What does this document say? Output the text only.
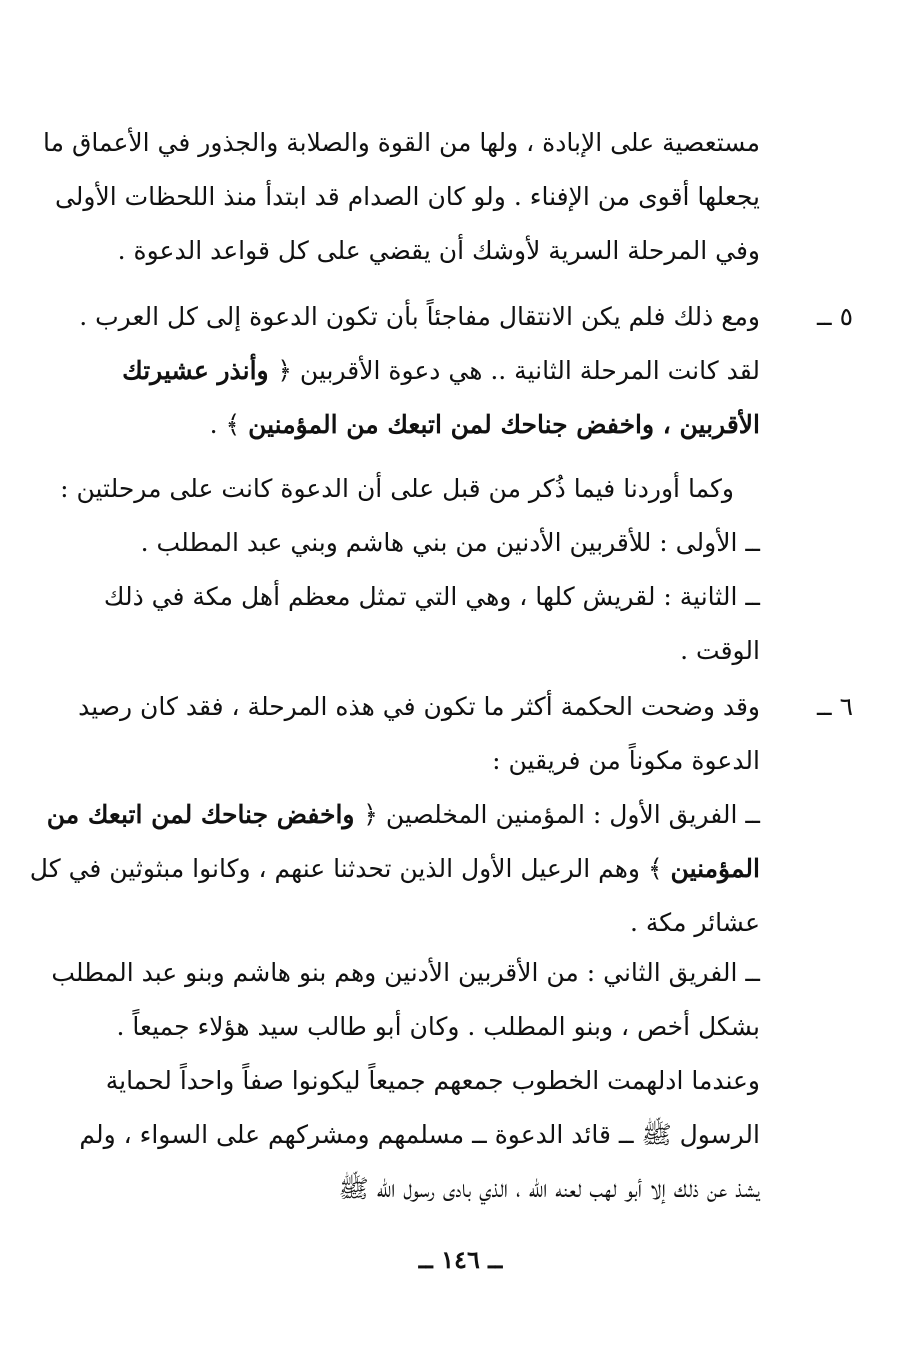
مستعصية على الإبادة ، ولها من القوة والصلابة والجذور في الأعماق ما
يجعلها أقوى من الإفناء . ولو كان الصدام قد ابتدأ منذ اللحظات الأولى
وفي المرحلة السرية لأوشك أن يقضي على كل قواعد الدعوة .
٥ ــ
ومع ذلك فلم يكن الانتقال مفاجئاً بأن تكون الدعوة إلى كل العرب .
لقد كانت المرحلة الثانية .. هي دعوة الأقربين ﴿ وأنذر عشيرتك
الأقربين ، واخفض جناحك لمن اتبعك من المؤمنين ﴾ .
وكما أوردنا فيما ذُكر من قبل على أن الدعوة كانت على مرحلتين :
ــ الأولى : للأقربين الأدنين من بني هاشم وبني عبد المطلب .
ــ الثانية : لقريش كلها ، وهي التي تمثل معظم أهل مكة في ذلك
الوقت .
٦ ــ
وقد وضحت الحكمة أكثر ما تكون في هذه المرحلة ، فقد كان رصيد
الدعوة مكوناً من فريقين :
ــ الفريق الأول : المؤمنين المخلصين ﴿ واخفض جناحك لمن اتبعك من
المؤمنين ﴾ وهم الرعيل الأول الذين تحدثنا عنهم ، وكانوا مبثوثين في كل
عشائر مكة .
ــ الفريق الثاني : من الأقربين الأدنين وهم بنو هاشم وبنو عبد المطلب
بشكل أخص ، وبنو المطلب . وكان أبو طالب سيد هؤلاء جميعاً .
وعندما ادلهمت الخطوب جمعهم جميعاً ليكونوا صفاً واحداً لحماية
الرسول ﷺ ــ قائد الدعوة ــ مسلمهم ومشركهم على السواء ، ولم
يشذ عن ذلك إلا أبو لهب لعنه الله ، الذي بادى رسول الله ﷺ
ــ ١٤٦ ــ
